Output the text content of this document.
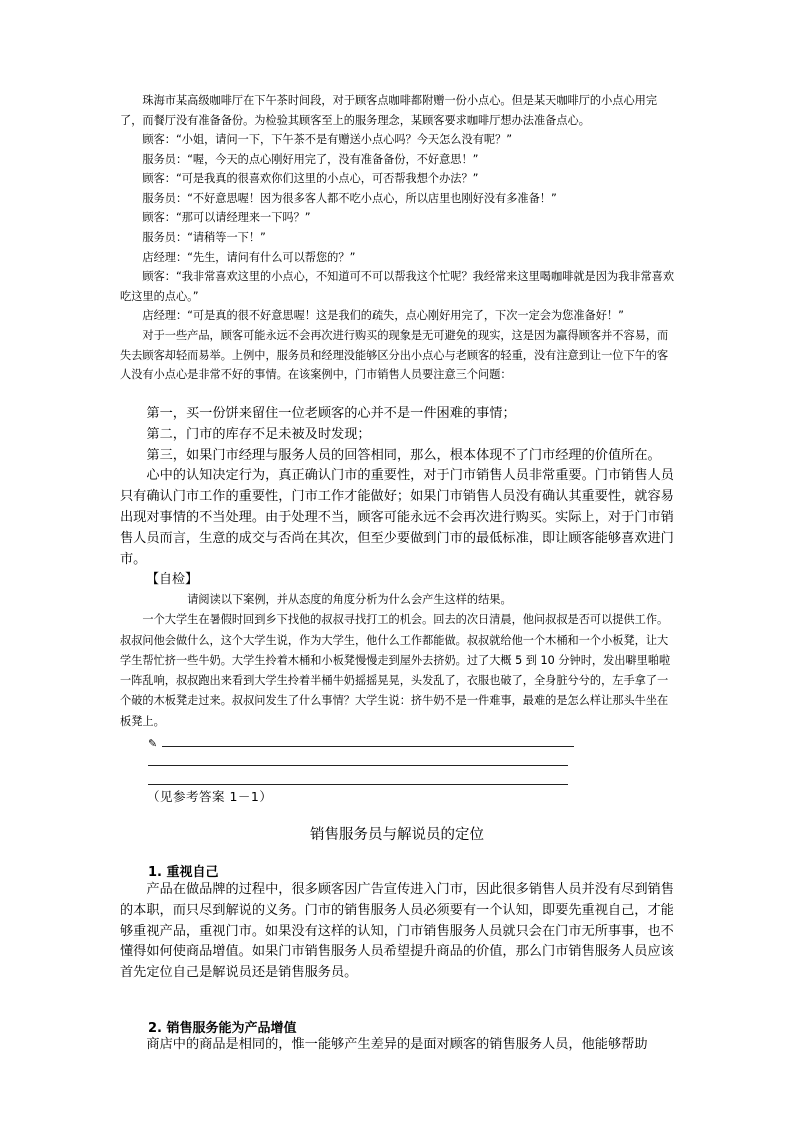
珠海市某高级咖啡厅在下午茶时间段，对于顾客点咖啡都附赠一份小点心。但是某天咖啡厅的小点心用完了，而餐厅没有准备备份。为检验其顾客至上的服务理念，某顾客要求咖啡厅想办法准备点心。

顾客：“小姐，请问一下，下午茶不是有赠送小点心吗？今天怎么没有呢？”

服务员：“喔，今天的点心刚好用完了，没有准备备份，不好意思！”

顾客：“可是我真的很喜欢你们这里的小点心，可否帮我想个办法？”

服务员：“不好意思喔！因为很多客人都不吃小点心，所以店里也刚好没有多准备！”

顾客：“那可以请经理来一下吗？”

服务员：“请稍等一下！”

店经理：“先生，请问有什么可以帮您的？”

顾客：“我非常喜欢这里的小点心，不知道可不可以帮我这个忙呢？我经常来这里喝咖啡就是因为我非常喜欢吃这里的点心。”

店经理：“可是真的很不好意思喔！这是我们的疏失，点心刚好用完了，下次一定会为您准备好！”

对于一些产品，顾客可能永远不会再次进行购买的现象是无可避免的现实，这是因为赢得顾客并不容易，而失去顾客却轻而易举。上例中，服务员和经理没能够区分出小点心与老顾客的轻重，没有注意到让一位下午的客人没有小点心是非常不好的事情。在该案例中，门市销售人员要注意三个问题：

第一，买一份饼来留住一位老顾客的心并不是一件困难的事情；

第二，门市的库存不足未被及时发现；

第三，如果门市经理与服务人员的回答相同，那么，根本体现不了门市经理的价值所在。

心中的认知决定行为，真正确认门市的重要性，对于门市销售人员非常重要。门市销售人员只有确认门市工作的重要性，门市工作才能做好；如果门市销售人员没有确认其重要性，就容易出现对事情的不当处理。由于处理不当，顾客可能永远不会再次进行购买。实际上，对于门市销售人员而言，生意的成交与否尚在其次，但至少要做到门市的最低标准，即让顾客能够喜欢进门市。

【自检】

请阅读以下案例，并从态度的角度分析为什么会产生这样的结果。

一个大学生在暑假时回到乡下找他的叔叔寻找打工的机会。回去的次日清晨，他问叔叔是否可以提供工作。叔叔问他会做什么，这个大学生说，作为大学生，他什么工作都能做。叔叔就给他一个木桶和一个小板凳，让大学生帮忙挤一些牛奶。大学生拎着木桶和小板凳慢慢走到屋外去挤奶。过了大概 5 到 10 分钟时，发出噼里啪啦一阵乱响，叔叔跑出来看到大学生拎着半桶牛奶摇摇晃晃，头发乱了，衣服也破了，全身脏兮兮的，左手拿了一个破的木板凳走过来。叔叔问发生了什么事情？大学生说：挤牛奶不是一件难事，最难的是怎么样让那头牛坐在板凳上。

✎
（见参考答案 1－1）
销售服务员与解说员的定位
1. 重视自己

产品在做品牌的过程中，很多顾客因广告宣传进入门市，因此很多销售人员并没有尽到销售的本职，而只尽到解说的义务。门市的销售服务人员必须要有一个认知，即要先重视自己，才能够重视产品，重视门市。如果没有这样的认知，门市销售服务人员就只会在门市无所事事，也不懂得如何使商品增值。如果门市销售服务人员希望提升商品的价值，那么门市销售服务人员应该首先定位自己是解说员还是销售服务员。

2. 销售服务能为产品增值

商店中的商品是相同的，惟一能够产生差异的是面对顾客的销售服务人员，他能够帮助
